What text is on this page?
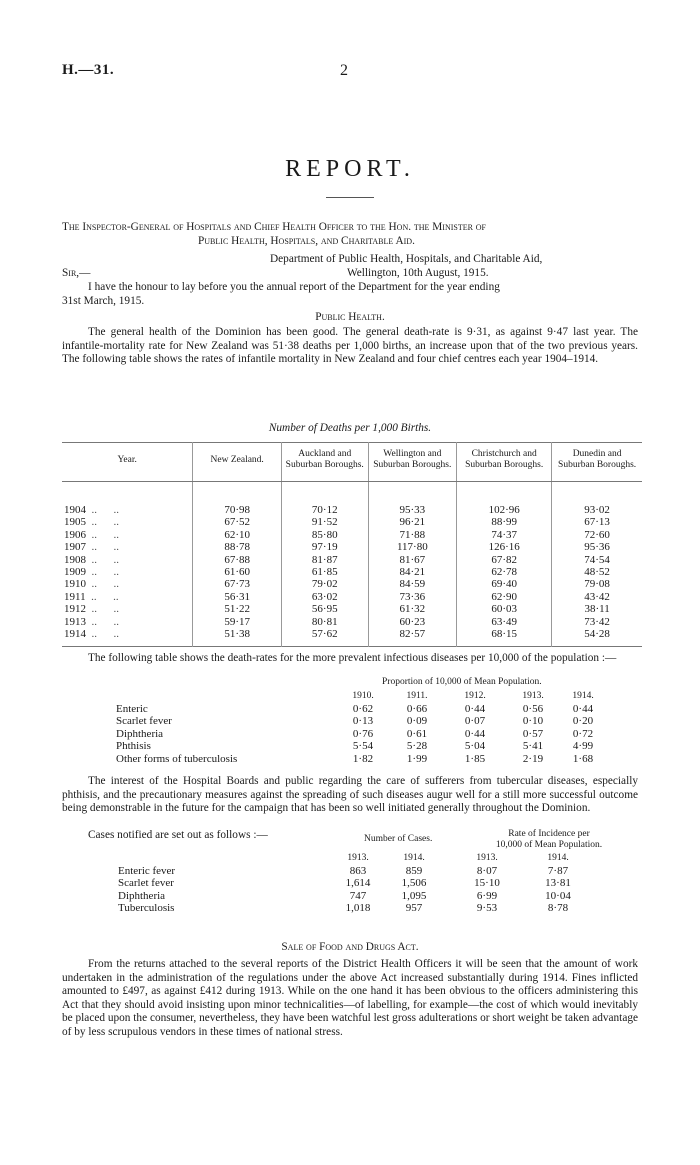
H.—31.	2
REPORT.
The Inspector-General of Hospitals and Chief Health Officer to the Hon. the Minister of
Public Health, Hospitals, and Charitable Aid.
Department of Public Health, Hospitals, and Charitable Aid,
Sir,—	Wellington, 10th August, 1915.
I have the honour to lay before you the annual report of the Department for the year ending
31st March, 1915.
Public Health.
The general health of the Dominion has been good. The general death-rate is 9·31, as against 9·47 last year. The infantile-mortality rate for New Zealand was 51·38 deaths per 1,000 births, an increase upon that of the two previous years. The following table shows the rates of infantile mortality in New Zealand and four chief centres each year 1904–1914.
Number of Deaths per 1,000 Births.
Year.	New Zealand.	Auckland and Suburban Boroughs.	Wellington and Suburban Boroughs.	Christchurch and Suburban Boroughs.	Dunedin and Suburban Boroughs.
1904  ..      ..	70·98	70·12	95·33	102·96	93·02
1905  ..      ..	67·52	91·52	96·21	88·99	67·13
1906  ..      ..	62·10	85·80	71·88	74·37	72·60
1907  ..      ..	88·78	97·19	117·80	126·16	95·36
1908  ..      ..	67·88	81·87	81·67	67·82	74·54
1909  ..      ..	61·60	61·85	84·21	62·78	48·52
1910  ..      ..	67·73	79·02	84·59	69·40	79·08
1911  ..      ..	56·31	63·02	73·36	62·90	43·42
1912  ..      ..	51·22	56·95	61·32	60·03	38·11
1913  ..      ..	59·17	80·81	60·23	63·49	73·42
1914  ..      ..	51·38	57·62	82·57	68·15	54·28
The following table shows the death-rates for the more prevalent infectious diseases per 10,000 of the population :—
Proportion of 10,000 of Mean Population.
	1910.	1911.	1912.	1913.	1914.
Enteric	0·62	0·66	0·44	0·56	0·44
Scarlet fever	0·13	0·09	0·07	0·10	0·20
Diphtheria	0·76	0·61	0·44	0·57	0·72
Phthisis	5·54	5·28	5·04	5·41	4·99
Other forms of tuberculosis	1·82	1·99	1·85	2·19	1·68
The interest of the Hospital Boards and public regarding the care of sufferers from tubercular diseases, especially phthisis, and the precautionary measures against the spreading of such diseases augur well for a still more successful outcome being demonstrable in the future for the campaign that has been so well initiated generally throughout the Dominion.
Cases notified are set out as follows :—	Number of Cases.	Rate of Incidence per
10,000 of Mean Population.
	1913.	1914.	1913.	1914.
Enteric fever	863	859	8·07	7·87
Scarlet fever	1,614	1,506	15·10	13·81
Diphtheria	747	1,095	6·99	10·04
Tuberculosis	1,018	957	9·53	8·78
Sale of Food and Drugs Act.
From the returns attached to the several reports of the District Health Officers it will be seen that the amount of work undertaken in the administration of the regulations under the above Act increased substantially during 1914. Fines inflicted amounted to £497, as against £412 during 1913. While on the one hand it has been obvious to the officers administering this Act that they should avoid insisting upon minor technicalities—of labelling, for example—the cost of which would inevitably be placed upon the consumer, nevertheless, they have been watchful lest gross adulterations or short weight be taken advantage of by less scrupulous vendors in these times of national stress.
